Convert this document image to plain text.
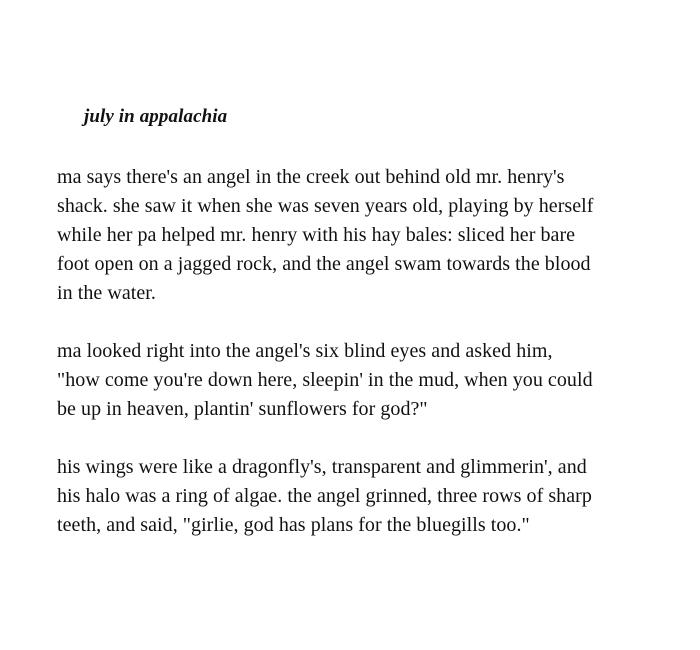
july in appalachia

ma says there's an angel in the creek out behind old mr. henry's
shack. she saw it when she was seven years old, playing by herself
while her pa helped mr. henry with his hay bales: sliced her bare
foot open on a jagged rock, and the angel swam towards the blood
in the water.

ma looked right into the angel's six blind eyes and asked him,
"how come you're down here, sleepin' in the mud, when you could
be up in heaven, plantin' sunflowers for god?"

his wings were like a dragonfly's, transparent and glimmerin', and
his halo was a ring of algae. the angel grinned, three rows of sharp
teeth, and said, "girlie, god has plans for the bluegills too."
